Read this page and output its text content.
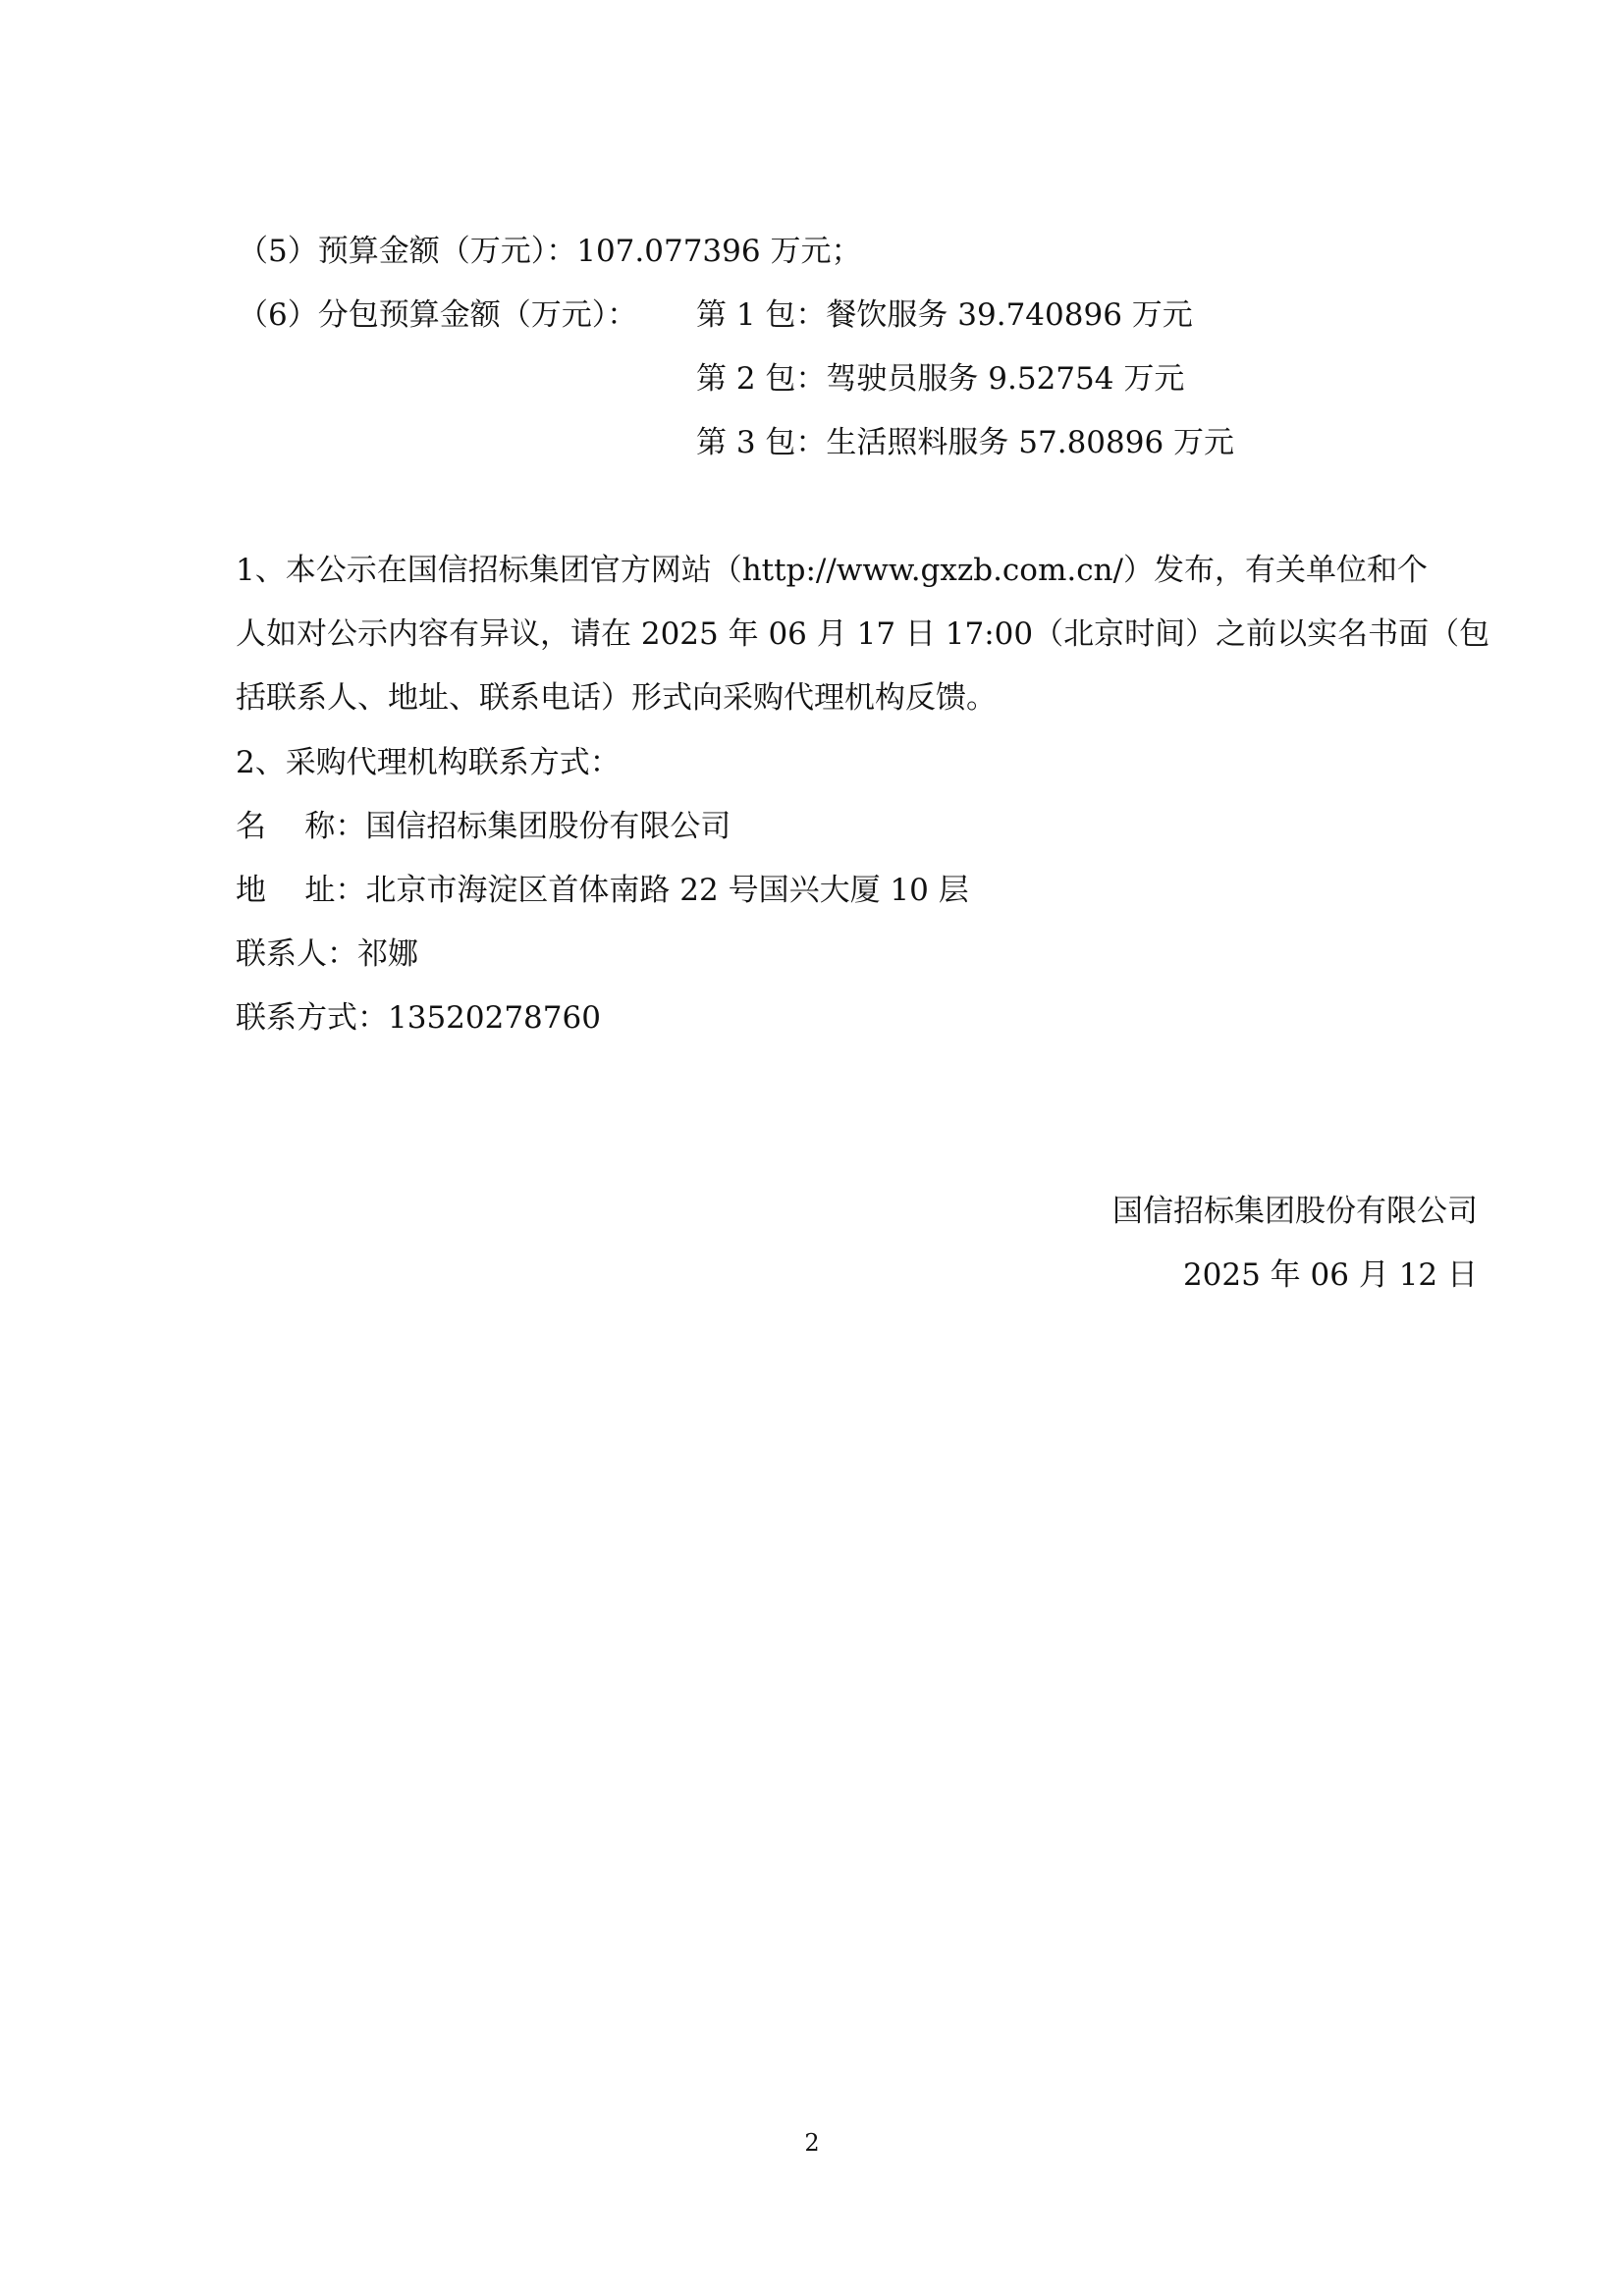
（5）预算金额（万元）：107.077396 万元；

（6）分包预算金额（万元）： 第 1 包：餐饮服务 39.740896 万元

第 2 包：驾驶员服务 9.52754 万元

第 3 包：生活照料服务 57.80896 万元

1、本公示在国信招标集团官方网站（http://www.gxzb.com.cn/）发布，有关单位和个

人如对公示内容有异议，请在 2025 年 06 月 17 日 17:00（北京时间）之前以实名书面（包

括联系人、地址、联系电话）形式向采购代理机构反馈。

2、采购代理机构联系方式：

名    称：国信招标集团股份有限公司

地    址：北京市海淀区首体南路 22 号国兴大厦 10 层

联系人：祁娜

联系方式：13520278760

国信招标集团股份有限公司

2025 年 06 月 12 日

2
